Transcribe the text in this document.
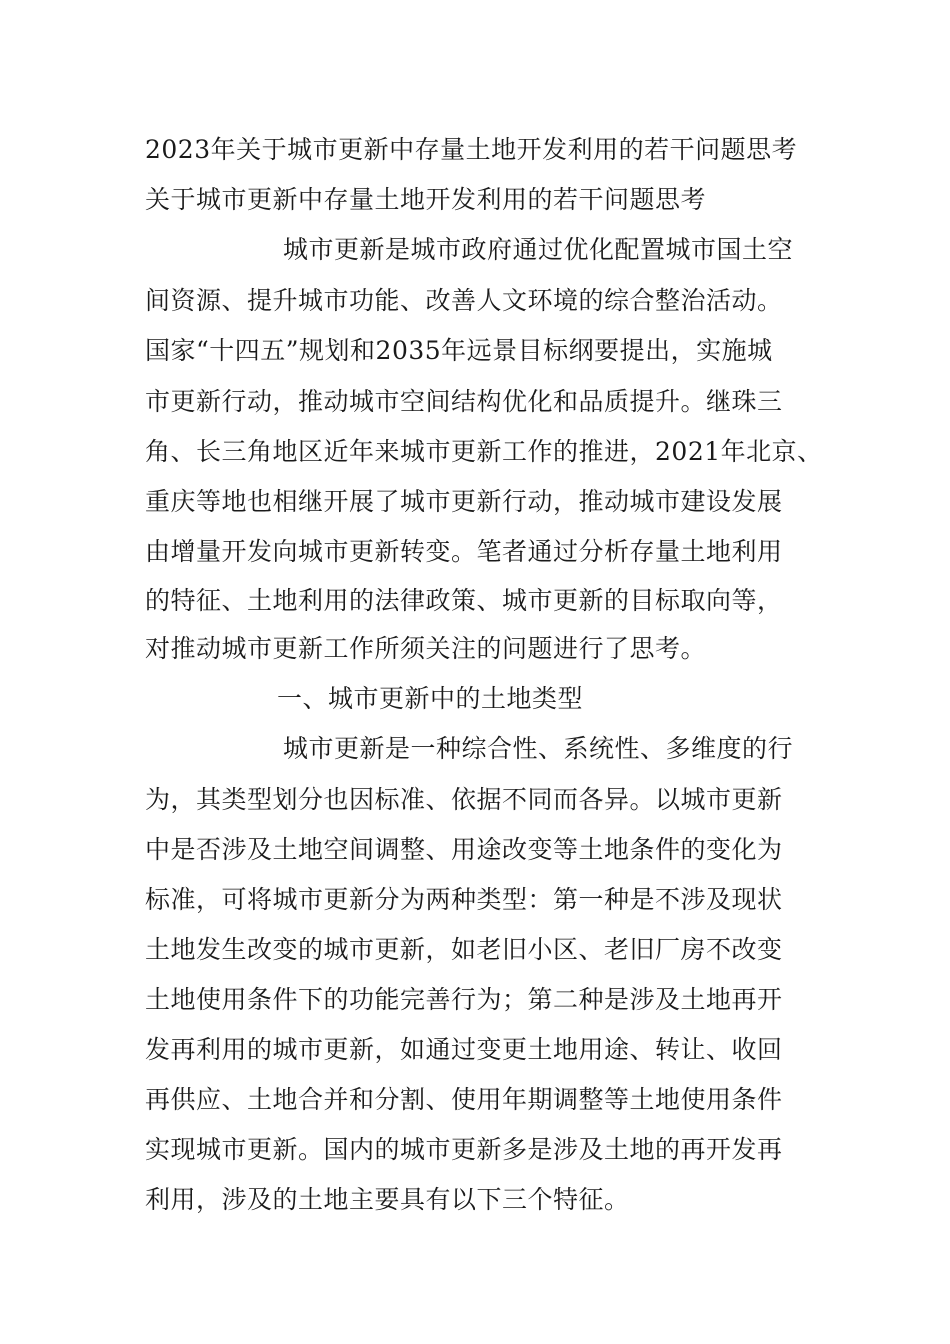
2023年关于城市更新中存量土地开发利用的若干问题思考
关于城市更新中存量土地开发利用的若干问题思考
城市更新是城市政府通过优化配置城市国土空
间资源、提升城市功能、改善人文环境的综合整治活动。
国家“十四五”规划和2035年远景目标纲要提出，实施城
市更新行动，推动城市空间结构优化和品质提升。继珠三
角、长三角地区近年来城市更新工作的推进，2021年北京、
重庆等地也相继开展了城市更新行动，推动城市建设发展
由增量开发向城市更新转变。笔者通过分析存量土地利用
的特征、土地利用的法律政策、城市更新的目标取向等，
对推动城市更新工作所须关注的问题进行了思考。
一、城市更新中的土地类型
城市更新是一种综合性、系统性、多维度的行
为，其类型划分也因标准、依据不同而各异。以城市更新
中是否涉及土地空间调整、用途改变等土地条件的变化为
标准，可将城市更新分为两种类型：第一种是不涉及现状
土地发生改变的城市更新，如老旧小区、老旧厂房不改变
土地使用条件下的功能完善行为；第二种是涉及土地再开
发再利用的城市更新，如通过变更土地用途、转让、收回
再供应、土地合并和分割、使用年期调整等土地使用条件
实现城市更新。国内的城市更新多是涉及土地的再开发再
利用，涉及的土地主要具有以下三个特征。
